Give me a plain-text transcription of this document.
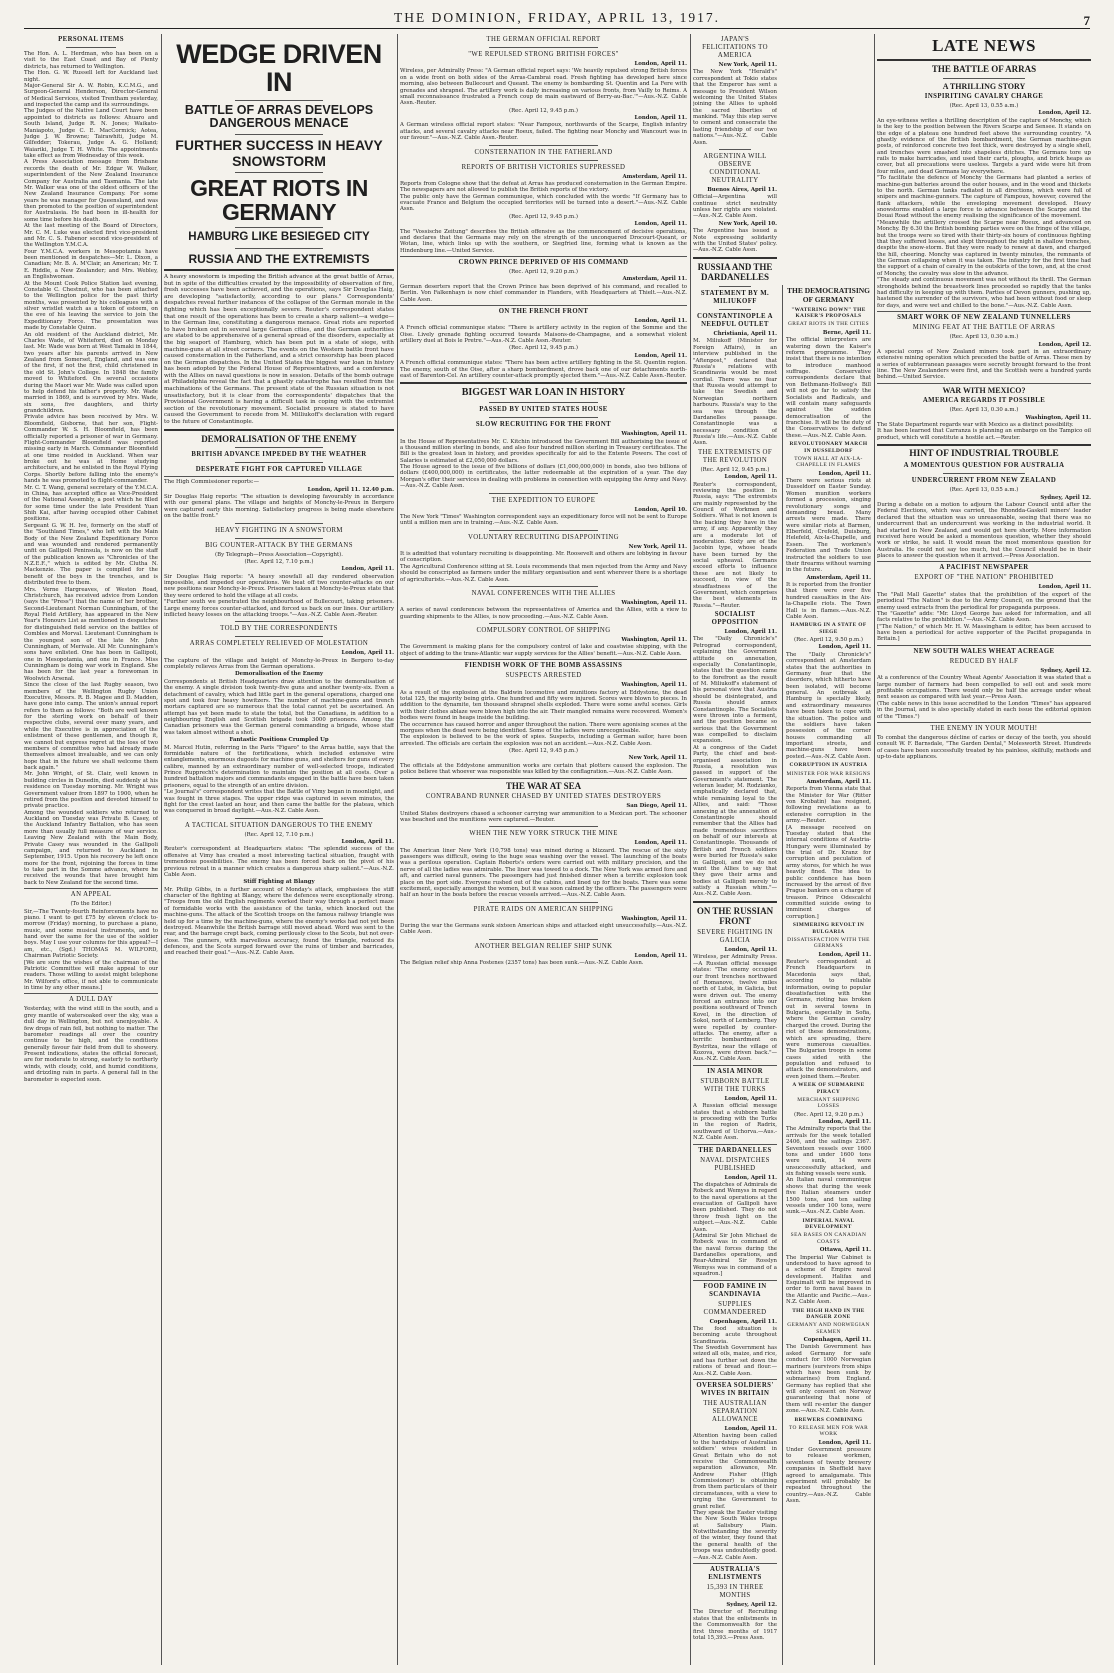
THE DOMINION, FRIDAY, APRIL 13, 1917.	7
PERSONAL ITEMS

The Hon. A. L. Herdman, who has been on a visit to the East Coast and Bay of Plenty districts, has returned to Wellington.
The Hon. G. W. Russell left for Auckland last night.
Major-General Sir A. W. Robin, K.C.M.G., and Surgeon-General Henderson, Director-General of Medical Services, visited Trentham yesterday, and inspected the camp and its surroundings.
The Judges of the Native Land Court have been appointed to districts as follows: Ahuaro and South Island, Judge R. N. Jones; Waikato-Maniapoto, Judge C. E. MacCormick; Aotea, Judge J. W. Browne; Tairawhiti, Judge M. Gilfedder; Tokerau, Judge A. G. Holland; Waiariki, Judge T. H. White. The appointments take effect as from Wednesday of this week.
A Press Association message from Brisbane records the death of Mr. Edgar W. Walker, superintendent of the New Zealand Insurance Company for Australia and Tasmania. The late Mr. Walker was one of the oldest officers of the New Zealand Insurance Company. For some years he was manager for Queensland, and was then promoted to the position of superintendent for Australasia. He had been in ill-health for some time before his death.
At the last meeting of the Board of Directors, Mr. C. M. Luke was elected first vice-president and Mr. C. S. Fabenor second vice-president of the Wellington Y.M.C.A.
Four Y.M.C.A. workers in Mesopotamia have been mentioned in despatches—Mr. L. Dixon, a Canadian; Mr. B. A. M'Clair, an American; Mr. T. E. Riddle, a New Zealander; and Mrs. Webley, an Englishwoman.
At the Mount Cook Police Station last evening, Constable C. Chestnut, who has been attached to the Wellington police for the past thirty months, was presented by his colleagues with a silver wristlet watch as a token of esteem, on the eve of his leaving the service to join the Expeditionary Force. The presentation was made by Constable Quinn.
An old resident of the Auckland district, Mr. Charles Wade, of Whiteford, died on Monday last. Mr. Wade was born at West Tamaki in 1844, two years after his parents arrived in New Zealand from Somerset, England, and was one of the first, if not the first, child christened in the old St. John's College. In 1848 the family moved to Whiteford. On several occasions during the Maori war Mr. Wade was called upon to help defend his father's property. Mr. Wade married in 1869, and is survived by Mrs. Wade, six sons, five daughters, and thirty grandchildren.
Private advice has been received by Mrs. W. Bloomfield, Gisborne, that her son, Flight-Commander W. S. H. Bloomfield, has been officially reported a prisoner of war in Germany. Flight-Commander Bloomfield was reported missing early in March. Commander Bloomfield at one time resided in Auckland. When war broke out he was at Home studying architecture, and he enlisted in the Royal Flying Corps. Shortly before falling into the enemy's hands he was promoted to flight-commander.
Mr. C. T. Wang, general secretary of the Y.M.C.A. in China, has accepted office as Vice-President of the National Assembly, a post which he filled for some time under the late President Yuan Shih Kai, after having occupied other Cabinet positions.
Sergeant G. W. H. Ive, formerly on the staff of the "Southland Times," who left with the Main Body of the New Zealand Expeditionary Force and was wounded and rendered permanently unfit on Gallipoli Peninsula, is now on the staff of the publication known as "Chronicles of the N.Z.E.F.," which is edited by Mr. Clutha N. Mackenzie. The paper is compiled for the benefit of the boys in the trenches, and is distributed free to them.
Mrs. Verne Hargreaves, of Weston Road, Christchurch, has received advice from London (says the "Press") that the name of her brother, Second-Lieutenant Norman Cunningham, of the Royal Field Artillery, has appeared in the New Year's Honours List as mentioned in despatches for distinguished field service on the battles of Combles and Morval. Lieutenant Cunningham is the youngest son of the late Mr. John Cunningham, of Merivale. All Mr. Cunningham's sons have enlisted. One has been in Gallipoli, one in Mesopotamia, and one in France. Miss Cunningham is doing war work in England. She has been for the last year a forewoman in Woolwich Arsenal.
Since the close of the last Rugby season, two members of the Wellington Rugby Union Executive, Messrs. R. B. Magee and D. Madden, have gone into camp. The union's annual report refers to them as follows: "Both are well known for the sterling work on behalf of their respective clubs, several over many years, and while the Executive is in appreciation of the enlistment of these gentlemen, and though it, we cannot but express regret at the loss of two members of committee who had already made themselves almost invaluable, and we can only hope that in the future we shall welcome them back again."
Mr. John Wright, of St. Clair, well known in building circles in Dunedin, died suddenly at his residence on Tuesday morning. Mr. Wright was Government valuer from 1897 to 1900, when he retired from the position and devoted himself to private practice.
Among the wounded soldiers who returned to Auckland on Tuesday was Private B. Casey, of the Auckland Infantry Battalion, who has seen more than usually full measure of war service. Leaving New Zealand with the Main Body, Private Casey was wounded in the Gallipoli campaign, and returned to Auckland in September, 1915. Upon his recovery he left once more for the front, rejoining the forces in time to take part in the Somme advance, where he received the wounds that have brought him back to New Zealand for the second time.

AN APPEAL
(To the Editor.)

Sir,—The Twenty-fourth Reinforcements have no piano. I want to get £75 by eleven o'clock to-morrow (Friday) morning, to purchase a piano, music, and some musical instruments, and to hand over the same for the use of the soldier boys. May I use your columns for this appeal?—I am, etc., (Sgd.) THOMAS M. WILFORD, Chairman Patriotic Society.
[We are sure the wishes of the chairman of the Patriotic Committee will make appeal to our readers. Those willing to assist might telephone Mr. Wilford's office, if not able to communicate in time by any other means.]

A DULL DAY

Yesterday, with the wind still in the south, and a grey mantle of watersoaked over the sky, was a dull day in Wellington, but not unenjoyable. A few drops of rain fell, but nothing to matter. The barometer readings all over the country continue to be high, and the conditions generally favour fair field from dull to showery. Present indications, states the official forecast, are for moderate to strong, easterly to northerly winds, with cloudy, cold, and humid conditions, and drizzling rain in parts. A general fall in the barometer is expected soon.

WEDGE DRIVEN IN
BATTLE OF ARRAS DEVELOPS DANGEROUS MENACE
FURTHER SUCCESS IN HEAVY SNOWSTORM
GREAT RIOTS IN GERMANY
HAMBURG LIKE BESIEGED CITY
RUSSIA AND THE EXTREMISTS

A heavy snowstorm is impeding the British advance at the great battle of Arras, but in spite of the difficulties created by the impossibility of observation of fire, fresh successes have been achieved, and the operations, says Sir Douglas Haig, are developing "satisfactorily, according to our plans." Correspondents' despatches reveal further instances of the collapse of the German morale in the fighting which has been exceptionally severe. Reuter's correspondent states that one result of the operations has been to create a sharp salient—a wedge—in the German line, constituting a dangerous menace. Great riots are reported to have broken out in several large German cities, and the German authorities are stated to be apprehensive of a general spread of the disorders, especially at the big seaport of Hamburg, which has been put in a state of siege, with machine-guns at all street corners. The events on the Western battle front have caused consternation in the Fatherland, and a strict censorship has been placed on the German dispatches. In the United States the biggest war loan in history has been adopted by the Federal House of Representatives, and a conference with the Allies on naval questions is now in session. Details of the bomb outrage at Philadelphia reveal the fact that a ghastly catastrophe has resulted from the machinations of the Germans. The present state of the Russian situation is not unsatisfactory, but it is clear from the correspondents' dispatches that the Provisional Government is having a difficult task in coping with the extremist section of the revolutionary movement. Socialist pressure is stated to have caused the Government to recede from M. Milliukoff's declaration with regard to the future of Constantinople.

DEMORALISATION OF THE ENEMY
BRITISH ADVANCE IMPEDED BY THE WEATHER
DESPERATE FIGHT FOR CAPTURED VILLAGE

The High Commissioner reports:—

London, April 11. 12.40 p.m.

Sir Douglas Haig reports: "The situation is developing favourably in accordance with our general plans. The village and heights of Monchy-le-Preux in Bergero were captured early this morning. Satisfactory progress is being made elsewhere on the battle front."

HEAVY FIGHTING IN A SNOWSTORM
BIG COUNTER-ATTACK BY THE GERMANS
(By Telegraph—Press Association—Copyright).
(Rec. April 12, 7.10 p.m.)
London, April 11.

Sir Douglas Haig reports: "A heavy snowfall all day rendered observation impossible, and impeded our operations. We beat off two counter-attacks on our new positions near Monchy-le-Preux. Prisoners taken at Monchy-le-Preux state that they were ordered to hold the village at all costs.
"Further south we penetrated the neighbourhood of Bullecourt, taking prisoners. Large enemy forces counter-attacked, and forced us back on our lines. Our artillery inflicted heavy losses on the attacking troops."—Aus.-N.Z. Cable Assn.-Reuter.

TOLD BY THE CORRESPONDENTS
ARRAS COMPLETELY RELIEVED OF MOLESTATION
London, April 11.

The capture of the village and height of Monchy-le-Preux in Bergero to-day completely relieves Arras from the German operations.

Demoralisation of the Enemy

Correspondents at British Headquarters draw attention to the demoralisation of the enemy. A single division took twenty-five guns and another twenty-six. Even a detachment of cavalry, which had little part in the general operations, charged one spot and took four heavy howitzers. The number of machine-guns and trench mortars captured are so numerous that the total cannot yet be ascertained. An attempt has yet been made to state the total, but the Canadians, in addition to a neighbouring English and Scottish brigade took 3000 prisoners. Among the Canadian prisoners was the German general commanding a brigade, whose staff was taken almost without a shot.

Fantastic Positions Crumpled Up

M. Marcel Hutin, referring in the Paris "Figaro" to the Arras battle, says that the formidable nature of the fortifications, which included extensive wire entanglements, enormous dugouts for machine guns, and shelters for guns of every calibre, manned by an extraordinary number of well-selected troops, indicated Prince Rupprecht's determination to maintain the position at all costs. Over a hundred battalion majors and commandants engaged in the battle have been taken prisoners, equal to the strength of an entire division.
"Le Journal's" correspondent writes that the Battle of Vimy began in moonlight, and was fought in three stages. The upper ridge was captured in seven minutes, the fight for the crest lasted an hour, and then came the battle for the plateau, which was conquered in broad daylight.—Aus.-N.Z. Cable Assn.

A TACTICAL SITUATION DANGEROUS TO THE ENEMY
(Rec. April 12, 7.10 p.m.)
London, April 11.

Reuter's correspondent at Headquarters states: "The splendid success of the offensive at Vimy has created a most interesting tactical situation, fraught with tremendous possibilities. The enemy has been forced back on the pivot of his previous retreat in a manner which creates a dangerous sharp salient."—Aus.-N.Z. Cable Assn.

Stiff Fighting at Blangy

Mr. Philip Gibbs, in a further account of Monday's attack, emphasises the stiff character of the fighting at Blangy, where the defences were exceptionally strong. "Troops from the old English regiments worked their way through a perfect maze of formidable works with the assistance of the tanks, which knocked out the machine-guns. The attack of the Scottish troops on the famous railway triangle was held up for a time by the machine-guns, where the enemy's works had not yet been destroyed. Meanwhile the British barrage still moved ahead. Word was sent to the rear, and the barrage crept back, coming perilously close to the Scots, but not over-close. The gunners, with marvellous accuracy, found the triangle, reduced its defences, and the Scots surged forward over the ruins of timber and barricades, and reached their goal."—Aus.-N.Z. Cable Assn.

THE GERMAN OFFICIAL REPORT
"WE REPULSED STRONG BRITISH FORCES"
London, April 11.

Wireless, per Admiralty Press: "A German official report says: 'We heavily repulsed strong British forces on a wide front on both sides of the Arras-Cambrai road. Fresh fighting has developed here since morning, also between Bullecourt and Queant. The enemy is bombarding St. Quentin and La Fere with grenades and shrapnel. The artillery work is daily increasing on various fronts, from Vailly to Reims. A small reconnaissance frustrated a French coup de main eastward of Berry-au-Bac.'"—Aus.-N.Z. Cable Assn.-Reuter.

(Rec. April 12, 9.45 p.m.)
London, April 11.

A German wireless official report states: "Near Fampoux, northwards of the Scarpe, English infantry attacks, and several cavalry attacks near Roeux, failed. The fighting near Monchy and Wancourt was in our favour."—Aus.-N.Z. Cable Assn.-Reuter.

CONSTERNATION IN THE FATHERLAND
REPORTS OF BRITISH VICTORIES SUPPRESSED
Amsterdam, April 11.

Reports from Cologne show that the defeat at Arras has produced consternation in the German Empire. The newspapers are not allowed to publish the British reports of the victory.
The public only have the German communique, which concluded with the words: "If Germany has to evacuate France and Belgium the occupied territories will be turned into a desert."—Aus.-N.Z. Cable Assn.

(Rec. April 12, 9.45 p.m.)
London, April 11.

The "Vossische Zeitung" describes the British offensive as the commencement of decisive operations, and declares that the Germans may rely on the strength of the unconquered Drocourt-Queant, or Wotan, line, which links up with the southern, or Siegfried line, forming what is known as the Hindenburg line.—United Service.

CROWN PRINCE DEPRIVED OF HIS COMMAND
(Rec. April 12, 9.20 p.m.)
Amsterdam, April 11.

German deserters report that the Crown Prince has been deprived of his command, and recalled to Berlin. Von Falkenhayn is now chief commander in Flanders, with Headquarters at Thielt.—Aus.-N.Z. Cable Assn.

ON THE FRENCH FRONT
London, April 11.

A French official communique states: "There is artillery activity in the region of the Somme and the Oise. Lively grenade fighting occurred towards Maisons-de-Champagne, and a somewhat violent artillery duel at Bois le Pretre."—Aus.-N.Z. Cable Assn.-Reuter.

(Rec. April 12, 9.45 p.m.)
London, April 11.

A French official communique states: "There has been active artillery fighting in the St. Quentin region. The enemy, south of the Oise, after a sharp bombardment, drove back one of our detachments north-east of Barenton-Cel. An artillery counter-attack promptly ejected them."—Aus.-N.Z. Cable Assn.-Reuter.

BIGGEST WAR LOAN IN HISTORY
PASSED BY UNITED STATES HOUSE
SLOW RECRUITING FOR THE FRONT
Washington, April 11.

In the House of Representatives Mr. C. Kitchin introduced the Government Bill authorising the issue of a thousand million sterling in bonds, and also four hundred million sterling in Treasury certificates. The Bill is the greatest loan in history, and provides specifically for aid to the Entente Powers. The cost of Salaries is estimated at £2,050,000 dollars.
The House agreed to the issue of five billions of dollars (£1,000,000,000) in bonds, also two billions of dollars (£400,000,000) in certificates, the latter redeemable at the expiration of a year. The day Morgan's offer their services in dealing with problems in connection with equipping the Army and Navy.—Aus.-N.Z. Cable Assn.

THE EXPEDITION TO EUROPE
London, April 10.

The New York "Times" Washington correspondent says an expeditionary force will not be sent to Europe until a million men are in training.—Aus.-N.Z. Cable Assn.

VOLUNTARY RECRUITING DISAPPOINTING
New York, April 11.

It is admitted that voluntary recruiting is disappointing. Mr. Roosevelt and others are lobbying in favour of conscription.
The Agricultural Conference sitting at St. Louis recommends that men rejected from the Army and Navy should be conscripted as farmers under the military organisation and sent wherever there is a shortage of agriculturists.—Aus.-N.Z. Cable Assn.

NAVAL CONFERENCES WITH THE ALLIES
Washington, April 11.

A series of naval conferences between the representatives of America and the Allies, with a view to guarding shipments to the Allies, is now proceeding.—Aus.-N.Z. Cable Assn.

COMPULSORY CONTROL OF SHIPPING
Washington, April 11.

The Government is making plans for the compulsory control of lake and coastwise shipping, with the object of adding to the trans-Atlantic war supply services for the Allies' benefit.—Aus.-N.Z. Cable Assn.

FIENDISH WORK OF THE BOMB ASSASSINS
SUSPECTS ARRESTED
Washington, April 11.

As a result of the explosion at the Baldwin locomotive and munitions factory at Eddystone, the dead total 125, the majority being girls. One hundred and fifty were injured. Scores were blown to pieces. In addition to the dynamite, ten thousand shrapnel shells exploded. There were some awful scenes. Girls with their clothes ablaze were blown high into the air. Their mangled remains were recovered. Women's bodies were found in heaps inside the building.
The occurrence has caused horror and anger throughout the nation. There were agonising scenes at the morgues when the dead were being identified. Some of the ladies were unrecognisable.
The explosion is believed to be the work of spies. Suspects, including a German sailor, have been arrested. The officials are certain the explosion was not an accident.—Aus.-N.Z. Cable Assn.

(Rec. April 12, 9.45 p.m.)
New York, April 11.

The officials at the Eddystone ammunition works are certain that plotters caused the explosion. The police believe that whoever was responsible was killed by the conflagration.—Aus.-N.Z. Cable Assn.

THE WAR AT SEA
CONTRABAND RUNNER CHASED BY UNITED STATES DESTROYERS
San Diego, April 11.

United States destroyers chased a schooner carrying war ammunition to a Mexican port. The schooner was beached and the munitions were captured.—Reuter.

WHEN THE NEW YORK STRUCK THE MINE
London, April 11.

The American liner New York (10,798 tons) was mined during a blizzard. The rescue of the sixty passengers was difficult, owing to the huge seas washing over the vessel. The launching of the boats was a perilous operation. Captain Roberts's orders were carried out with military precision, and the nerve of all the ladies was admirable. The liner was towed to a dock. The New York was armed fore and aft, and carried naval gunners. The passengers had just finished dinner when a terrific explosion took place on the port side. Everyone rushed out of the cabins, and lined up for the boats. There was some excitement, especially amongst the women, but it was soon calmed by the officers. The passengers were half an hour in the boats before the rescue vessels arrived.—Aus.-N.Z. Cable Assn.

PIRATE RAIDS ON AMERICAN SHIPPING
Washington, April 11.

During the war the Germans sunk sixteen American ships and attacked eight unsuccessfully.—Aus.-N.Z. Cable Assn.

ANOTHER BELGIAN RELIEF SHIP SUNK
London, April 11.

The Belgian relief ship Anna Fostenes (2357 tons) has been sunk.—Aus.-N.Z. Cable Assn.

JAPAN'S FELICITATIONS TO AMERICA
New York, April 11.

The New York "Herald's" correspondent at Tokio states that the Emperor has sent a message to President Wilson welcoming the United States joining the Allies to uphold the sacred liberties of mankind. "May this step serve to cement and consecrate the lasting friendship of our two nations."—Aus.-N.Z. Cable Assn.

ARGENTINA WILL OBSERVE CONDITIONAL NEUTRALITY
Buenos Aires, April 11.

Official—Argentina will continue strict neutrality unless her rights are violated.—Aus.-N.Z. Cable Assn.

New York, April 10.

The Argentine has issued a Note expressing solidarity with the United States' policy.—Aus.-N.Z. Cable Assn.

RUSSIA AND THE DARDANELLES
STATEMENT BY M. MILIUKOFF
CONSTANTINOPLE A NEEDFUL OUTLET
Christiania, April 11.

M. Miliukoff (Minister for Foreign Affairs), in an interview published in the "Aftenpost," declared that Russia's relations with Scandinavia would be most cordial. There was no fear that Russia would attempt to take the Swedish and Norwegian northern harbours. Russia's way to the sea was through the Dardanelles passage. Constantinople was a necessary condition of Russia's life.—Aus.-N.Z. Cable Assn.

THE EXTREMISTS OF THE REVOLUTION
(Rec. April 12, 9.45 p.m.)
London, April 11.

Reuter's correspondent, reviewing the position in Russia, says: "The extremists are mainly represented by the Council of Workmen and Soldiers. What is not known is the backing they have in the army, if any. Apparently they are a moderate lot of moderation. Sixty are of the Jacobin type, whose heads have been turned by the social upheaval. Germans exceed efforts to influence these are not likely to succeed, in view of the steadfastness of the Government, which comprises the best elements in Russia."—Reuter.

SOCIALIST OPPOSITION
London, April 11.

The "Daily Chronicle's" Petrograd correspondent, explaining the Government attitude on annexation, especially Constantinople, states that the question came to the forefront as the result of M. Miliukoff's statement of his personal view that Austria should be disintegrated, and Russia should annex Constantinople. The Socialists were thrown into a ferment, and the position became so serious that the Government was compelled to disclaim expansion.
At a congress of the Cadet Party, the chief and best-organised association in Russia, a resolution was passed in support of the Government's statement. The veteran leader, M. Rodzianko, emphatically declared that, while remaining loyal to the Allies, and said: "Those annexing at the annexation of Constantinople should remember that the Allies had made tremendous sacrifices on behalf of our interests at Constantinople. Thousands of British and French soldiers were buried for Russia's sake in Gallipoli, and we do not want the Allies to say that they gave their arms and bodies at Gallipoli merely to satisfy a Russian whim."—Aus.-N.Z. Cable Assn.

ON THE RUSSIAN FRONT
SEVERE FIGHTING IN GALICIA
London, April 11.

Wireless, per Admiralty Press.—A Russian official message states: "The enemy occupied our front trenches northward of Romanove, twelve miles north of Lutsk, in Galicia, but were driven out. The enemy forced an entrance into our positions southward of Trench Kovel, in the direction of Sokol, north of Lemberg. They were repelled by counter-attacks. The enemy, after a terrific bombardment on Bystritza, near the village of Kozova, were driven back."—Aus.-N.Z. Cable Assn.

IN ASIA MINOR
STUBBORN BATTLE WITH THE TURKS
London, April 11.

A Russian official message states that a stubborn battle is proceeding with the Turks in the region of Radrix, southward of Uchorva.—Aus.-N.Z. Cable Assn.

THE DARDANELLES
NAVAL DISPATCHES PUBLISHED
London, April 11.

The dispatches of Admirals de Robeck and Wemyss in regard to the naval operations at the evacuation of Gallipoli have been published. They do not throw fresh light on the subject.—Aus.-N.Z. Cable Assn.
[Admiral Sir John Michael de Robeck was in command of the naval forces during the Dardanelles operations, and Rear-Admiral Sir Rosslyn Wemyss was in command of a squadron.]

FOOD FAMINE IN SCANDINAVIA
SUPPLIES COMMANDEERED
Copenhagen, April 11.

The food situation is becoming acute throughout Scandinavia.
The Swedish Government has seized all oils, maize, and rice, and has further set down the rations of bread and flour.—Aus.-N.Z. Cable Assn.

OVERSEA SOLDIERS' WIVES IN BRITAIN
THE AUSTRALIAN SEPARATION ALLOWANCE
London, April 11.

Attention having been called to the hardships of Australian soldiers' wives resident in Great Britain who do not receive the Commonwealth separation allowance, Mr. Andrew Fisher (High Commissioner) is obtaining from them particulars of their circumstances, with a view to urging the Government to grant relief.
They speak the Easter visiting the New South Wales troops at Salisbury Plain. Notwithstanding the severity of the winter, they found that the general health of the troops was undoubtedly good.—Aus.-N.Z. Cable Assn.

AUSTRALIA'S ENLISTMENTS
15,393 IN THREE MONTHS
Sydney, April 12.

The Director of Recruiting states that the enlistments in the Commonwealth for the first three months of 1917 total 15,393.—Press Assn.

LATE NEWS
THE BATTLE OF ARRAS
A THRILLING STORY
INSPIRITING CAVALRY CHARGE
(Rec. April 13, 0.55 a.m.)
London, April 12.

An eye-witness writes a thrilling description of the capture of Monchy, which is the key to the position between the Rivers Scarpe and Sensee. It stands on the edge of a plateau one hundred feet above the surrounding country. "A ghastly evidence of the British bombardment, the German machine-gun posts, of reinforced concrete two feet thick, were destroyed by a single shell, and trenches were smashed into shapeless ditches. The Germans tore up rails to make barricades, and used their carts, ploughs, and brick heaps as cover, but all precautions were useless. Targets a yard wide were hit from four miles, and dead Germans lay everywhere.
"To facilitate the defence of Monchy the Germans had planted a series of machine-gun batteries around the outer houses, and in the wood and thickets to the north. German tanks radiated in all directions, which were full of snipers and machine-gunners. The capture of Fampoux, however, covered the flank attackers, while the enveloping movement developed. Heavy snowstorms enabled a large force to advance between the Scarpe and the Douai Road without the enemy realising the significance of the movement.
"Meanwhile the artillery crossed the Scarpe near Roeux, and advanced on Monchy. By 6.30 the British bombing parties were on the fringe of the village, but the troops were so tired with their thirty-six hours of continuous fighting that they suffered losses, and slept throughout the night in shallow trenches, despite the snow-storm. But they were ready to renew at dawn, and charged the hill, cheering. Monchy was captured in twenty minutes, the remnants of the German collapsing when it was taken. The infantry for the first time had the support of a chain of cavalry in the outskirts of the town, and, at the crest of Monchy, the cavalry was slow in the advance.
"The steady and continuous movement was not without its thrill. The German strongholds behind the breastwork lines proceeded so rapidly that the tanks had difficulty in keeping up with them. Parties of Devon gunners, pushing up, hastened the surrender of the survivors, who had been without food or sleep for days, and were wet and chilled to the bone."—Aus.-N.Z. Cable Assn.

SMART WORK OF NEW ZEALAND TUNNELLERS
MINING FEAT AT THE BATTLE OF ARRAS
(Rec. April 13, 0.30 a.m.)
London, April 12.

A special corps of New Zealand miners took part in an extraordinary extensive mining operation which preceded the battle of Arras. These men by a series of subterranean passages were secretly brought forward to the front line. The New Zealanders were first, and the Scottish were a hundred yards behind.—United Service.

WAR WITH MEXICO?
AMERICA REGARDS IT POSSIBLE
(Rec. April 13, 0.30 a.m.)
Washington, April 11.

The State Department regards war with Mexico as a distinct possibility.
It has been learned that Carranza is planning an embargo on the Tampico oil product, which will constitute a hostile act.—Reuter.

HINT OF INDUSTRIAL TROUBLE
A MOMENTOUS QUESTION FOR AUSTRALIA
UNDERCURRENT FROM NEW ZEALAND
(Rec. April 13, 0.55 a.m.)
Sydney, April 12.

During a debate on a motion to adjourn the Labour Council until after the Federal Elections, which was carried, the Rhondda-Gaskell miners' leader declared that the situation was so unreasonable, seeing that there was no undercurrent that an undercurrent was working in the industrial world. It had started in New Zealand, and would get here shortly. More information received here would be asked a momentous question, whether they should work or strike, he said. It would mean the most momentous question for Australia. He could not say too much, but the Council should be in their places to answer the question when it arrived.—Press Association.

A PACIFIST NEWSPAPER
EXPORT OF "THE NATION" PROHIBITED
London, April 11.

The "Pall Mall Gazette" states that the prohibition of the export of the periodical "The Nation" is due to the Army Council, on the ground that the enemy used extracts from the periodical for propaganda purposes.
The "Gazette" adds: "Mr. Lloyd George has asked for information, and all facts relative to the prohibition."—Aus.-N.Z. Cable Assn.
["The Nation," of which Mr. H. W. Massingham is editor, has been accused to have been a periodical for active supporter of the Pacifist propaganda in Britain.]

NEW SOUTH WALES WHEAT ACREAGE
REDUCED BY HALF
Sydney, April 12.

At a conference of the Country Wheat Agents' Association it was stated that a large number of farmers had been compelled to sell out and seek more profitable occupations. There would only be half the acreage under wheat next season as compared with last year.—Press Assn.

(The cable news in this issue accredited to the London "Times" has appeared in the Journal, and is also specially stated in each issue the editorial opinion of the "Times.")

THE ENEMY IN YOUR MOUTH!

To combat the dangerous décline of caries or decay of the teeth, you should consult W. F. Barnsdale, "The Garden Dental," Molesworth Street. Hundreds of cases have been successfully treated by his painless, skilfully, methods and up-to-date appliances.

THE DEMOCRATISING OF GERMANY
"WATERING DOWN" THE KAISER'S PROPOSALS
GREAT RIOTS IN THE CITIES
Berne, April 11.

The official interpreters are watering down the Kaiser's reform programme. They insist that there is no intention to introduce manhood suffrage. Conservative correspondents declare that von Bethmann-Hollweg's Bill will not go far to satisfy the Socialists and Radicals, and will contain many safeguards against the sudden democratisation of the franchise. It will be the duty of the Conservatives to defend these.—Aus.-N.Z. Cable Assn.

REVOLUTIONARY MARCH IN DUSSELDORF
TOWN HALL AT AIX-LA-CHAPELLE IN FLAMES
London, April 11.

There were serious riots at Dusseldorf on Easter Sunday. Women munition workers formed a procession, singing revolutionary songs and demanding bread. Many arrests were made. There were similar riots at Barmen, Elberfeld, Crefeld, Duisburg, Helefeld, Aix-la-Chapelle, and Essen. The workmen's Federation and Trade Union instructed the soldiers to use their firearms without warning in the future.

Amsterdam, April 11.

It is reported from the frontier that there were over five hundred casualties in the Aix-la-Chapelle riots. The Town Hall is in flames.—Aus.-N.Z. Cable Assn.

HAMBURG IN A STATE OF SIEGE
(Rec. April 12, 9.50 p.m.)
London, April 11.

The "Daily Chronicle's" correspondent at Amsterdam states that the authorities in Germany fear that the disorders, which hitherto have been isolated, will become general. An outbreak at Hamburg is specially likely, and extraordinary measures have been taken to cope with the situation. The police and the soldiers have taken possession of the corner houses commanding all important streets, and machine-guns have been posted.—Aus.-N.Z. Cable Assn.

CORRUPTION IN AUSTRIA
MINISTER FOR WAR RESIGNS
Amsterdam, April 11.

Reports from Vienna state that the Minister for War (Ritter von Krobatin) has resigned, following revelations as to extensive corruption in the army.—Reuter.
[A message received on Tuesday stated that the internal conditions of Austria-Hungary were illuminated by the trial of Dr. Kranz for corruption and peculation of army stores, for which he was heavily fined. The idea to public confidence has been increased by the arrest of five Prague bankers on a charge of treason. Prince Odescalchi committed suicide owing to imminent charges of corruption.]

SIMMERING REVOLT IN BULGARIA
DISSATISFACTION WITH THE GERMANS
London, April 11.

Reuter's correspondent at French Headquarters in Macedonia says that, according to reliable information, owing to popular dissatisfaction with the Germans, rioting has broken out in several towns in Bulgaria, especially in Sofia, where the German cavalry charged the crowd. During the riot of these demonstrations, which are spreading, there were numerous casualties. The Bulgarian troops in some cases sided with the population and refused to attack the demonstrators, and even joined them.—Reuter.

A WEEK OF SUBMARINE PIRACY
MERCHANT SHIPPING LOSSES
(Rec. April 12, 9.20 p.m.)
London, April 11.

The Admiralty reports that the arrivals for the week totalled 2406, and the sailings 2367. Seventeen vessels over 1600 tons and under 1600 tons were sunk, 14 were unsuccessfully attacked, and six fishing vessels were sunk.
An Italian naval communique shows that during the week five Italian steamers under 1500 tons, and ten sailing vessels under 100 tons, were sunk.—Aus.-N.Z. Cable Assn.

IMPERIAL NAVAL DEVELOPMENT
SEA BASES ON CANADIAN COASTS
Ottawa, April 11.

The Imperial War Cabinet is understood to have agreed to a scheme of Empire naval development. Halifax and Esquimalt will be improved in order to form naval bases in the Atlantic and Pacific.—Aus.-N.Z. Cable Assn.

THE HIGH HAND IN THE DANGER ZONE
GERMANY AND NORWEGIAN SEAMEN
Copenhagen, April 11.

The Danish Government has asked Germany for safe conduct for 1000 Norwegian mariners (survivors from ships which have been sunk by submarines) from England. Germany has replied that she will only consent on Norway guaranteeing that none of them will re-enter the danger zone.—Aus.-N.Z. Cable Assn.

BREWERS COMBINING
TO RELEASE MEN FOR WAR WORK
London, April 11.

Under Government pressure to release workmen, seventeen of twenty brewery companies in Sheffield have agreed to amalgamate. This experiment will probably be repeated throughout the country.—Aus.-N.Z. Cable Assn.
